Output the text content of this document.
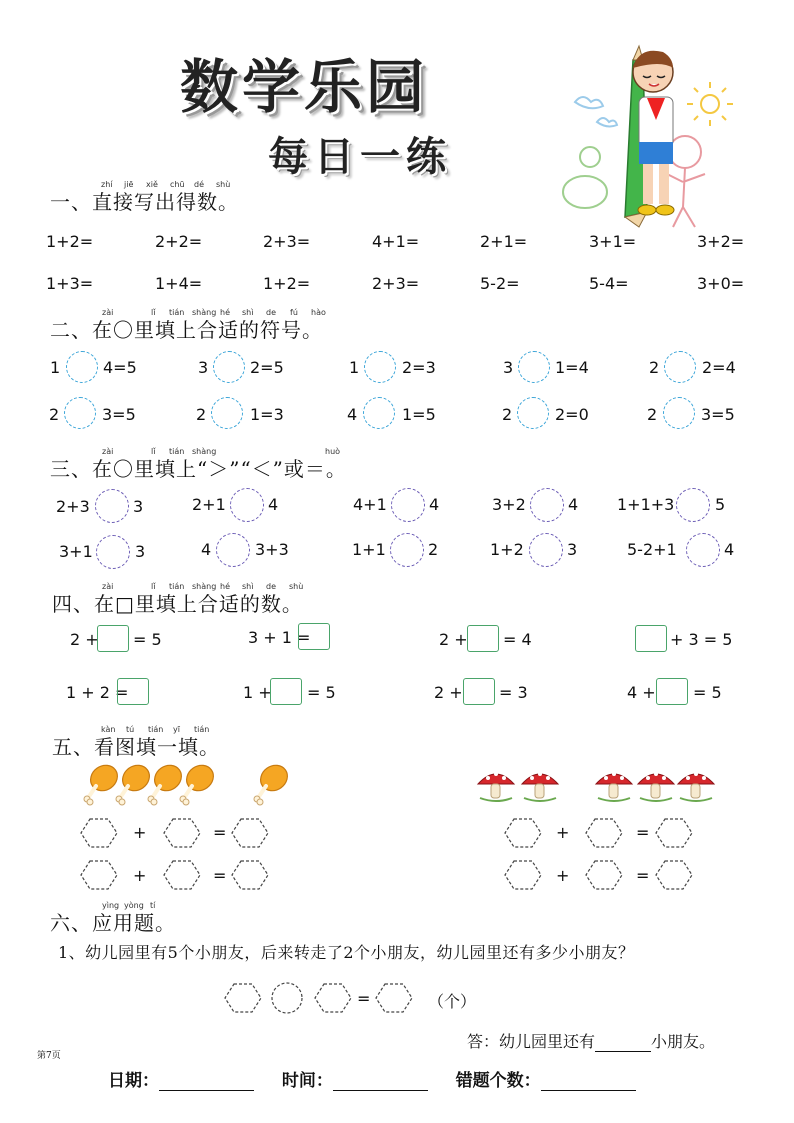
数学乐园
每日一练
一、直接写出得数。
zhí jiē xiě chū dé shù
1+2=	2+2=	2+3=	4+1=	2+1=	3+1=	3+2=
1+3=	1+4=	1+2=	2+3=	5-2=	5-4=	3+0=
二、在〇里填上合适的符号。
zài	lǐ tián shàng hé shì de fú hào
1	4=5	3	2=5	1	2=3	3	1=4	2	2=4
2	3=5	2	1=3	4	1=5	2	2=0	2	3=5
三、在〇里填上“＞”“＜”或＝。
zài	lǐ tián shàng	huò
2+3	3	2+1	4	4+1	4	3+2	4 1+1+3	5
3+1	3	4	3+3	1+1	2	1+2	3	5-2+1	4
四、在□里填上合适的数。
zài	lǐ tián shàng hé shì de shù
2 + = 5	3 + 1 =	2 + = 4	+ 3 = 5
1 + 2 =	1 + = 5	2 + = 3	4 + = 5
五、看图填一填。
kàn tú tián yī tián
+	=
+	=
+	=
+	=
六、应用题。
yìng yòng tí
1、幼儿园里有5个小朋友，后来转走了2个小朋友，幼儿园里还有多少小朋友？
=	（个）
答：幼儿园里还有	小朋友。
第7页
日期：	时间：	错题个数：
